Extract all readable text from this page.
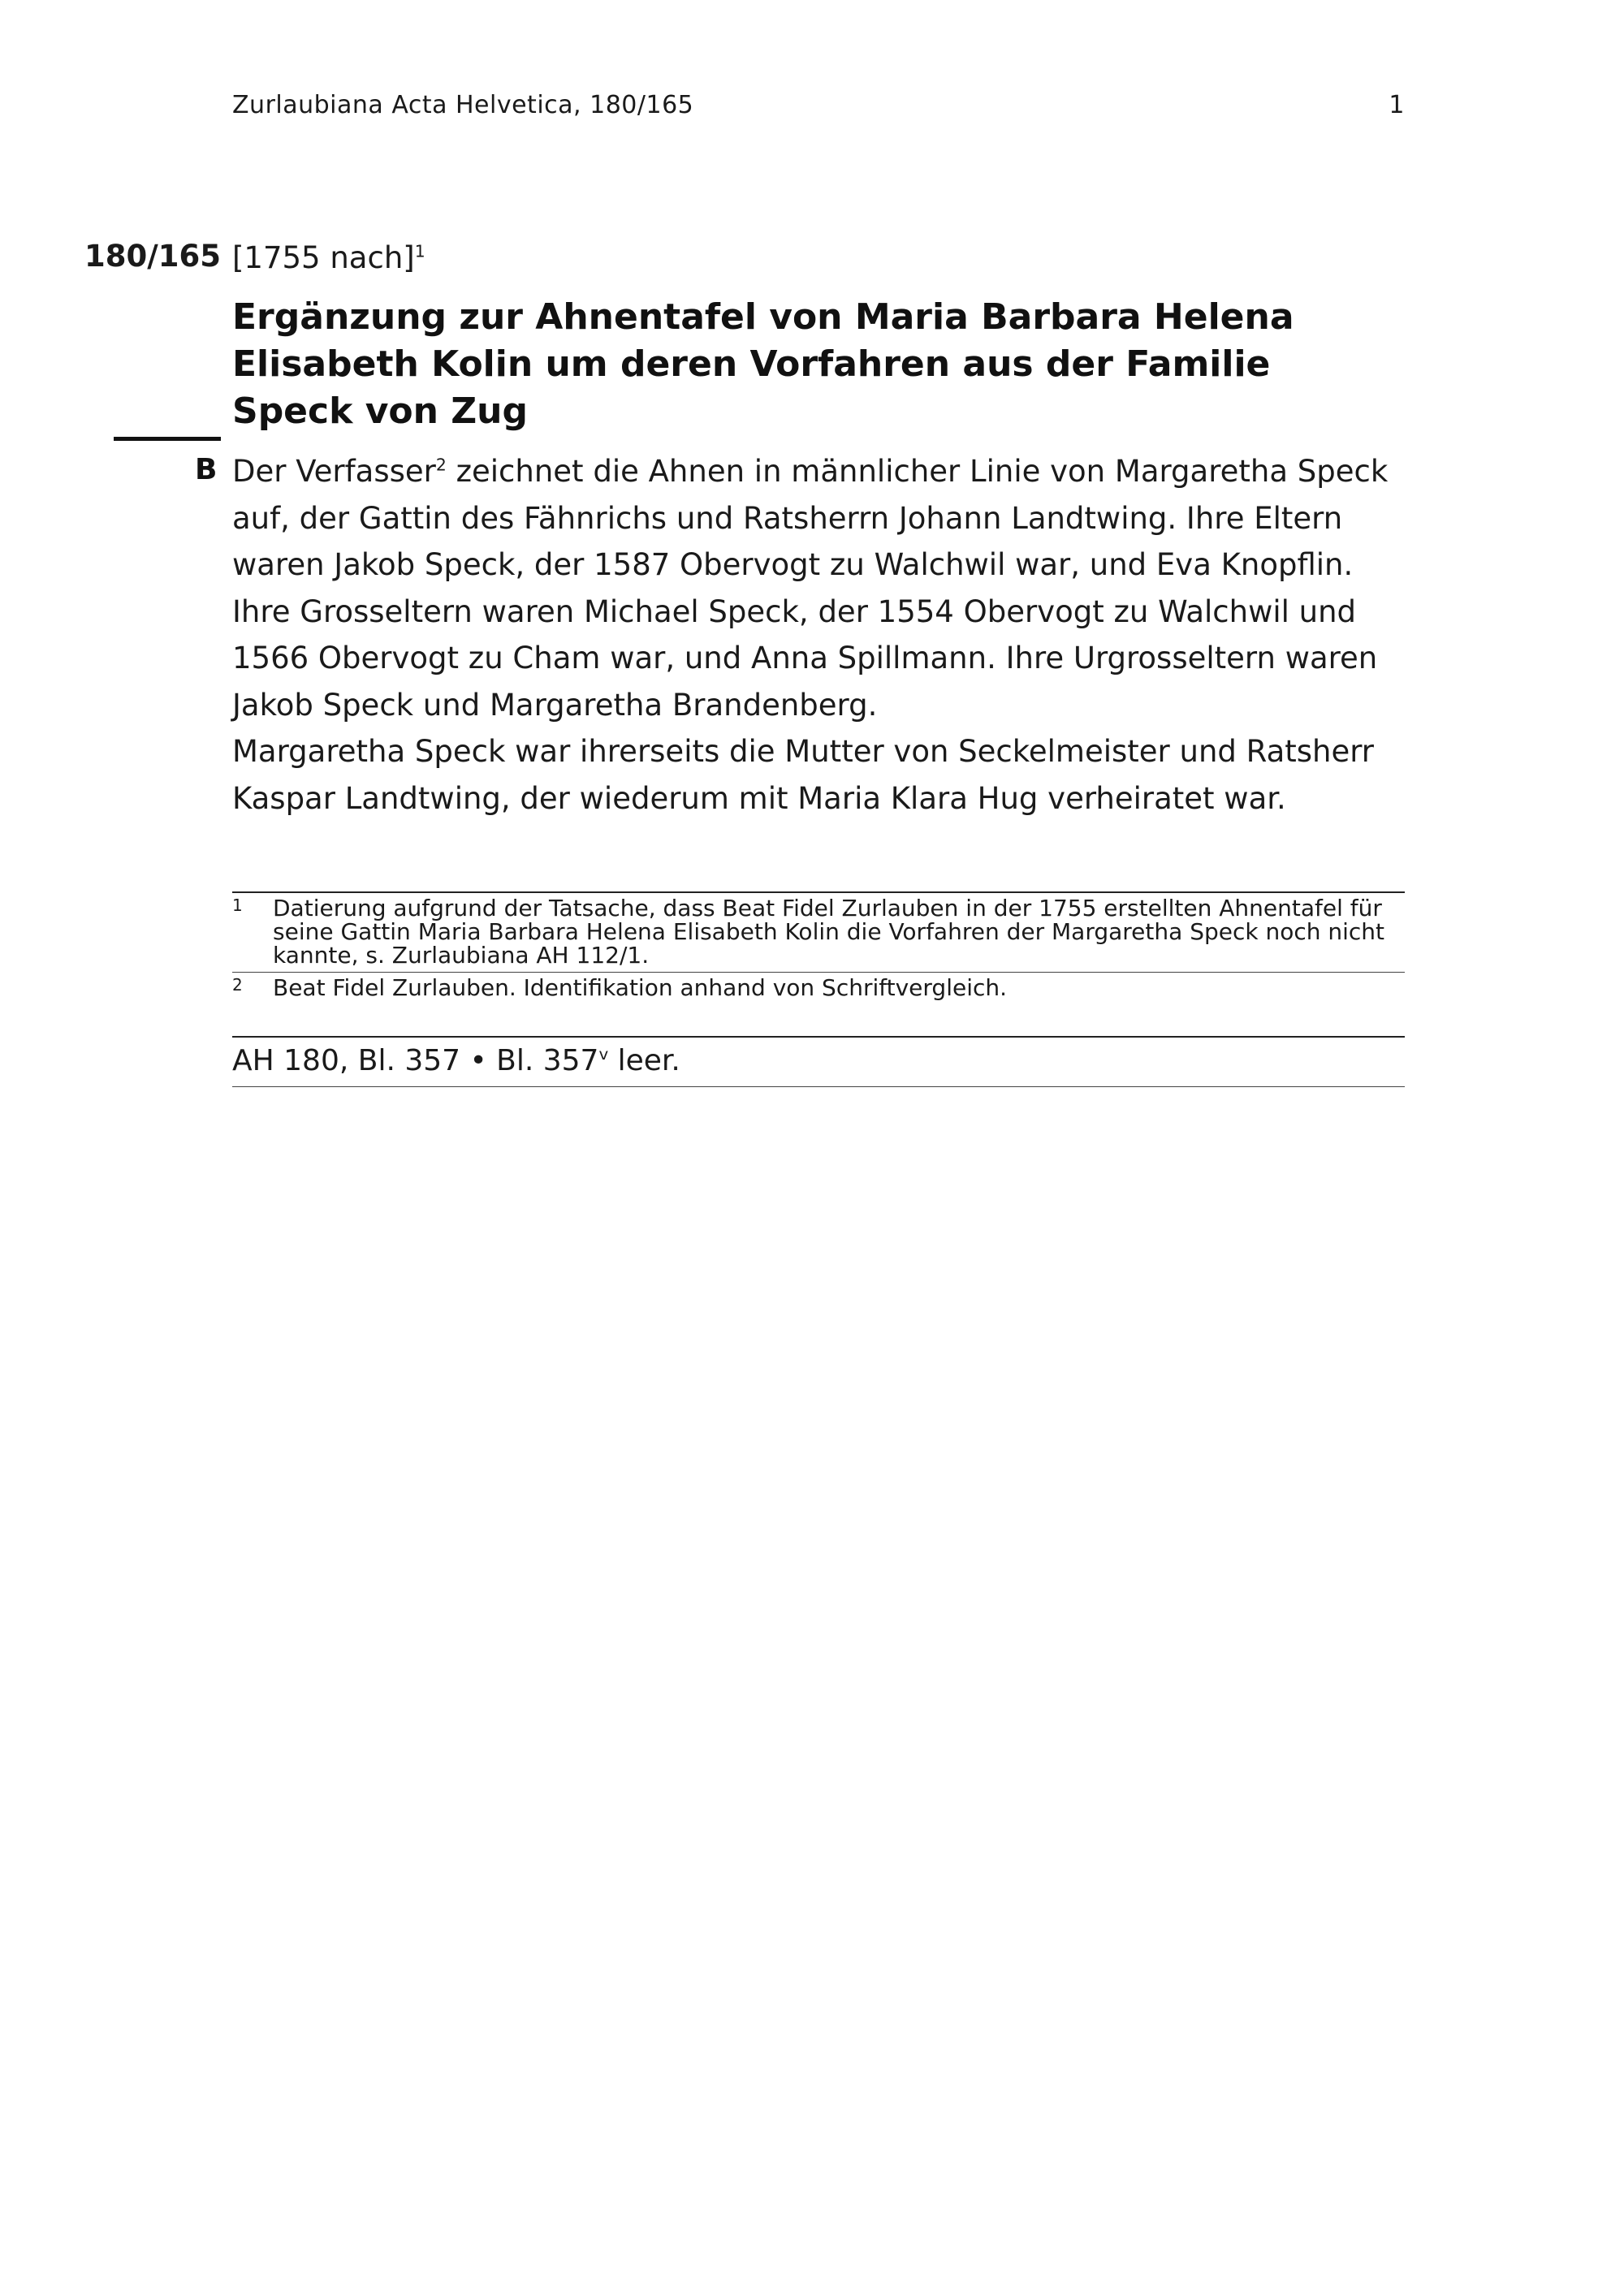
Zurlaubiana Acta Helvetica, 180/165	1
180/165 [1755 nach]$^1$
Ergänzung zur Ahnentafel von Maria Barbara Helena Elisabeth Kolin um deren Vorfahren aus der Familie Speck von Zug
B Der Verfasser$^2$ zeichnet die Ahnen in männlicher Linie von Margaretha Speck auf, der Gattin des Fähnrichs und Ratsherrn Johann Landtwing. Ihre Eltern waren Jakob Speck, der 1587 Obervogt zu Walchwil war, und Eva Knopflin. Ihre Grosseltern waren Michael Speck, der 1554 Obervogt zu Walchwil und 1566 Obervogt zu Cham war, und Anna Spillmann. Ihre Urgrosseltern waren Jakob Speck und Margaretha Brandenberg.

Margaretha Speck war ihrerseits die Mutter von Seckelmeister und Ratsherr Kaspar Landtwing, der wiederum mit Maria Klara Hug verheiratet war.

1	Datierung aufgrund der Tatsache, dass Beat Fidel Zurlauben in der 1755 erstellten Ahnentafel für seine Gattin Maria Barbara Helena Elisabeth Kolin die Vorfahren der Margaretha Speck noch nicht kannte, s. Zurlaubiana AH 112/1.
2	Beat Fidel Zurlauben. Identifikation anhand von Schriftvergleich.
AH 180, Bl. 357 • Bl. 357$^v$ leer.
